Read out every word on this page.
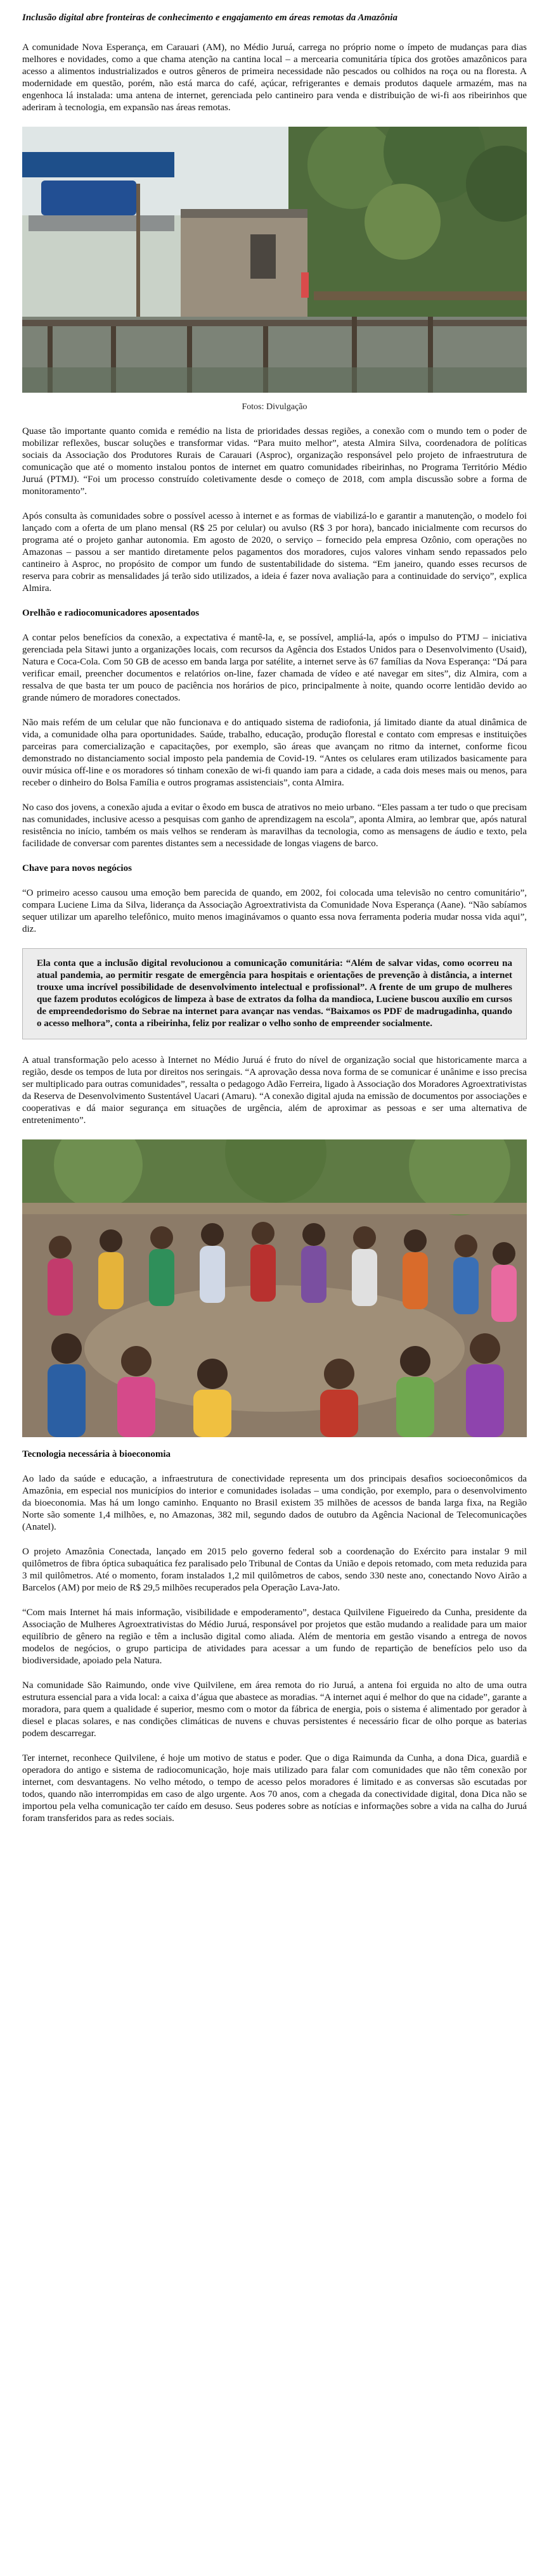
Inclusão digital abre fronteiras de conhecimento e engajamento em áreas remotas da Amazônia

A comunidade Nova Esperança, em Carauari (AM), no Médio Juruá, carrega no próprio nome o ímpeto de mudanças para dias melhores e novidades, como a que chama atenção na cantina local – a mercearia comunitária típica dos grotões amazônicos para acesso a alimentos industrializados e outros gêneros de primeira necessidade não pescados ou colhidos na roça ou na floresta. A modernidade em questão, porém, não está marca do café, açúcar, refrigerantes e demais produtos daquele armazém, mas na engenhoca lá instalada: uma antena de internet, gerenciada pelo cantineiro para venda e distribuição de wi-fi aos ribeirinhos que aderiram à tecnologia, em expansão nas áreas remotas.

Fotos: Divulgação

Quase tão importante quanto comida e remédio na lista de prioridades dessas regiões, a conexão com o mundo tem o poder de mobilizar reflexões, buscar soluções e transformar vidas. “Para muito melhor”, atesta Almira Silva, coordenadora de políticas sociais da Associação dos Produtores Rurais de Carauari (Asproc), organização responsável pelo projeto de infraestrutura de comunicação que até o momento instalou pontos de internet em quatro comunidades ribeirinhas, no Programa Território Médio Juruá (PTMJ). “Foi um processo construído coletivamente desde o começo de 2018, com ampla discussão sobre a forma de monitoramento”.

Após consulta às comunidades sobre o possível acesso à internet e as formas de viabilizá-lo e garantir a manutenção, o modelo foi lançado com a oferta de um plano mensal (R$ 25 por celular) ou avulso (R$ 3 por hora), bancado inicialmente com recursos do programa até o projeto ganhar autonomia. Em agosto de 2020, o serviço – fornecido pela empresa Ozônio, com operações no Amazonas – passou a ser mantido diretamente pelos pagamentos dos moradores, cujos valores vinham sendo repassados pelo cantineiro à Asproc, no propósito de compor um fundo de sustentabilidade do sistema. “Em janeiro, quando esses recursos de reserva para cobrir as mensalidades já terão sido utilizados, a ideia é fazer nova avaliação para a continuidade do serviço”, explica Almira.

Orelhão e radiocomunicadores aposentados

A contar pelos benefícios da conexão, a expectativa é mantê-la, e, se possível, ampliá-la, após o impulso do PTMJ – iniciativa gerenciada pela Sitawi junto a organizações locais, com recursos da Agência dos Estados Unidos para o Desenvolvimento (Usaid), Natura e Coca-Cola. Com 50 GB de acesso em banda larga por satélite, a internet serve às 67 famílias da Nova Esperança: “Dá para verificar email, preencher documentos e relatórios on-line, fazer chamada de vídeo e até navegar em sites”, diz Almira, com a ressalva de que basta ter um pouco de paciência nos horários de pico, principalmente à noite, quando ocorre lentidão devido ao grande número de moradores conectados.

Não mais refém de um celular que não funcionava e do antiquado sistema de radiofonia, já limitado diante da atual dinâmica de vida, a comunidade olha para oportunidades. Saúde, trabalho, educação, produção florestal e contato com empresas e instituições parceiras para comercialização e capacitações, por exemplo, são áreas que avançam no ritmo da internet, conforme ficou demonstrado no distanciamento social imposto pela pandemia de Covid-19. “Antes os celulares eram utilizados basicamente para ouvir música off-line e os moradores só tinham conexão de wi-fi quando iam para a cidade, a cada dois meses mais ou menos, para receber o dinheiro do Bolsa Família e outros programas assistenciais”, conta Almira.

No caso dos jovens, a conexão ajuda a evitar o êxodo em busca de atrativos no meio urbano. “Eles passam a ter tudo o que precisam nas comunidades, inclusive acesso a pesquisas com ganho de aprendizagem na escola”, aponta Almira, ao lembrar que, após natural resistência no início, também os mais velhos se renderam às maravilhas da tecnologia, como as mensagens de áudio e texto, pela facilidade de conversar com parentes distantes sem a necessidade de longas viagens de barco.

Chave para novos negócios

“O primeiro acesso causou uma emoção bem parecida de quando, em 2002, foi colocada uma televisão no centro comunitário”, compara Luciene Lima da Silva, liderança da Associação Agroextrativista da Comunidade Nova Esperança (Aane). “Não sabíamos sequer utilizar um aparelho telefônico, muito menos imaginávamos o quanto essa nova ferramenta poderia mudar nossa vida aqui”, diz.

Ela conta que a inclusão digital revolucionou a comunicação comunitária: “Além de salvar vidas, como ocorreu na atual pandemia, ao permitir resgate de emergência para hospitais e orientações de prevenção à distância, a internet trouxe uma incrível possibilidade de desenvolvimento intelectual e profissional”. A frente de um grupo de mulheres que fazem produtos ecológicos de limpeza à base de extratos da folha da mandioca, Luciene buscou auxílio em cursos de empreendedorismo do Sebrae na internet para avançar nas vendas. “Baixamos os PDF de madrugadinha, quando o acesso melhora”, conta a ribeirinha, feliz por realizar o velho sonho de empreender socialmente.

A atual transformação pelo acesso à Internet no Médio Juruá é fruto do nível de organização social que historicamente marca a região, desde os tempos de luta por direitos nos seringais. “A aprovação dessa nova forma de se comunicar é unânime e isso precisa ser multiplicado para outras comunidades”, ressalta o pedagogo Adão Ferreira, ligado à Associação dos Moradores Agroextrativistas da Reserva de Desenvolvimento Sustentável Uacari (Amaru). “A conexão digital ajuda na emissão de documentos por associações e cooperativas e dá maior segurança em situações de urgência, além de aproximar as pessoas e ser uma alternativa de entretenimento”.

Tecnologia necessária à bioeconomia

Ao lado da saúde e educação, a infraestrutura de conectividade representa um dos principais desafios socioeconômicos da Amazônia, em especial nos municípios do interior e comunidades isoladas – uma condição, por exemplo, para o desenvolvimento da bioeconomia. Mas há um longo caminho. Enquanto no Brasil existem 35 milhões de acessos de banda larga fixa, na Região Norte são somente 1,4 milhões, e, no Amazonas, 382 mil, segundo dados de outubro da Agência Nacional de Telecomunicações (Anatel).

O projeto Amazônia Conectada, lançado em 2015 pelo governo federal sob a coordenação do Exército para instalar 9 mil quilômetros de fibra óptica subaquática fez paralisado pelo Tribunal de Contas da União e depois retomado, com meta reduzida para 3 mil quilômetros. Até o momento, foram instalados 1,2 mil quilômetros de cabos, sendo 330 neste ano, conectando Novo Airão a Barcelos (AM) por meio de R$ 29,5 milhões recuperados pela Operação Lava-Jato.

“Com mais Internet há mais informação, visibilidade e empoderamento”, destaca Quilvilene Figueiredo da Cunha, presidente da Associação de Mulheres Agroextrativistas do Médio Juruá, responsável por projetos que estão mudando a realidade para um maior equilíbrio de gênero na região e têm a inclusão digital como aliada. Além de mentoria em gestão visando a entrega de novos modelos de negócios, o grupo participa de atividades para acessar a um fundo de repartição de benefícios pelo uso da biodiversidade, apoiado pela Natura.

Na comunidade São Raimundo, onde vive Quilvilene, em área remota do rio Juruá, a antena foi erguida no alto de uma outra estrutura essencial para a vida local: a caixa d’água que abastece as moradias. “A internet aqui é melhor do que na cidade”, garante a moradora, para quem a qualidade é superior, mesmo com o motor da fábrica de energia, pois o sistema é alimentado por gerador à diesel e placas solares, e nas condições climáticas de nuvens e chuvas persistentes é necessário ficar de olho porque as baterias podem descarregar.

Ter internet, reconhece Quilvilene, é hoje um motivo de status e poder. Que o diga Raimunda da Cunha, a dona Dica, guardiã e operadora do antigo e sistema de radiocomunicação, hoje mais utilizado para falar com comunidades que não têm conexão por internet, com desvantagens. No velho método, o tempo de acesso pelos moradores é limitado e as conversas são escutadas por todos, quando não interrompidas em caso de algo urgente. Aos 70 anos, com a chegada da conectividade digital, dona Dica não se importou pela velha comunicação ter caído em desuso. Seus poderes sobre as notícias e informações sobre a vida na calha do Juruá foram transferidos para as redes sociais.
